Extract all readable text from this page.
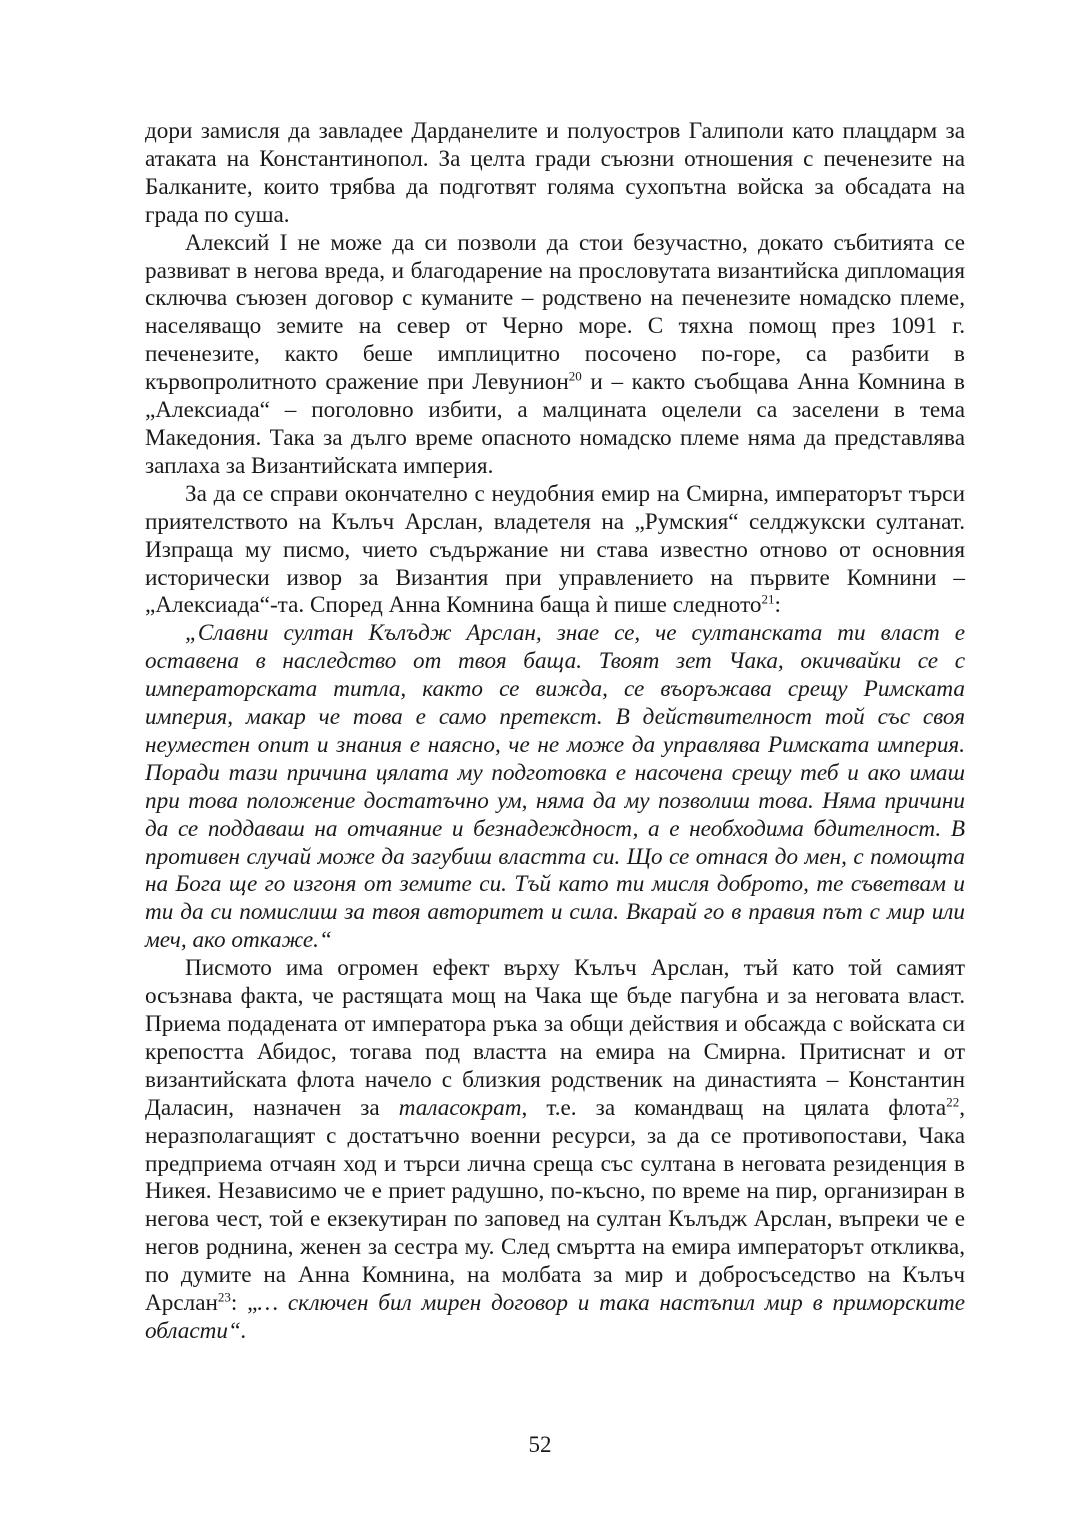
дори замисля да завладее Дарданелите и полуостров Галиполи като плацдарм за атаката на Константинопол. За целта гради съюзни отношения с печенезите на Балканите, които трябва да подготвят голяма сухопътна войска за обсадата на града по суша.

Алексий I не може да си позволи да стои безучастно, докато събитията се развиват в негова вреда, и благодарение на прословутата византийска дипломация сключва съюзен договор с куманите – родствено на печенезите номадско племе, населяващо земите на север от Черно море. С тяхна помощ през 1091 г. печенезите, както беше имплицитно посочено по-горе, са разбити в кървопролитното сражение при Левунион$^{20}$ и – както съобщава Анна Комнина в „Алексиада“ – поголовно избити, а малцината оцелели са заселени в тема Македония. Така за дълго време опасното номадско племе няма да представлява заплаха за Византийската империя.

За да се справи окончателно с неудобния емир на Смирна, императорът търси приятелството на Кълъч Арслан, владетеля на „Румския“ селджукски султанат. Изпраща му писмо, чието съдържание ни става известно отново от основния исторически извор за Византия при управлението на първите Комнини – „Алексиада“-та. Според Анна Комнина баща ѝ пише следното$^{21}$:

„Славни султан Кълъдж Арслан, знае се, че султанската ти власт е оставена в наследство от твоя баща. Твоят зет Чака, окичвайки се с императорската титла, както се вижда, се въоръжава срещу Римската империя, макар че това е само претекст. В действителност той със своя неуместен опит и знания е наясно, че не може да управлява Римската империя. Поради тази причина цялата му подготовка е насочена срещу теб и ако имаш при това положение достатъчно ум, няма да му позволиш това. Няма причини да се поддаваш на отчаяние и безнадеждност, а е необходима бдителност. В противен случай може да загубиш властта си. Що се отнася до мен, с помощта на Бога ще го изгоня от земите си. Тъй като ти мисля доброто, те съветвам и ти да си помислиш за твоя авторитет и сила. Вкарай го в правия път с мир или меч, ако откаже.“

Писмото има огромен ефект върху Кълъч Арслан, тъй като той самият осъзнава факта, че растящата мощ на Чака ще бъде пагубна и за неговата власт. Приема подадената от императора ръка за общи действия и обсажда с войската си крепостта Абидос, тогава под властта на емира на Смирна. Притиснат и от византийската флота начело с близкия родственик на династията – Константин Даласин, назначен за таласократ, т.е. за командващ на цялата флота$^{22}$, неразполагащият с достатъчно военни ресурси, за да се противопостави, Чака предприема отчаян ход и търси лична среща със султана в неговата резиденция в Никея. Независимо че е приет радушно, по-късно, по време на пир, организиран в негова чест, той е екзекутиран по заповед на султан Кълъдж Арслан, въпреки че е негов роднина, женен за сестра му. След смъртта на емира императорът откликва, по думите на Анна Комнина, на молбата за мир и добросъседство на Кълъч Арслан$^{23}$: „… сключен бил мирен договор и така настъпил мир в приморските области“.

52
